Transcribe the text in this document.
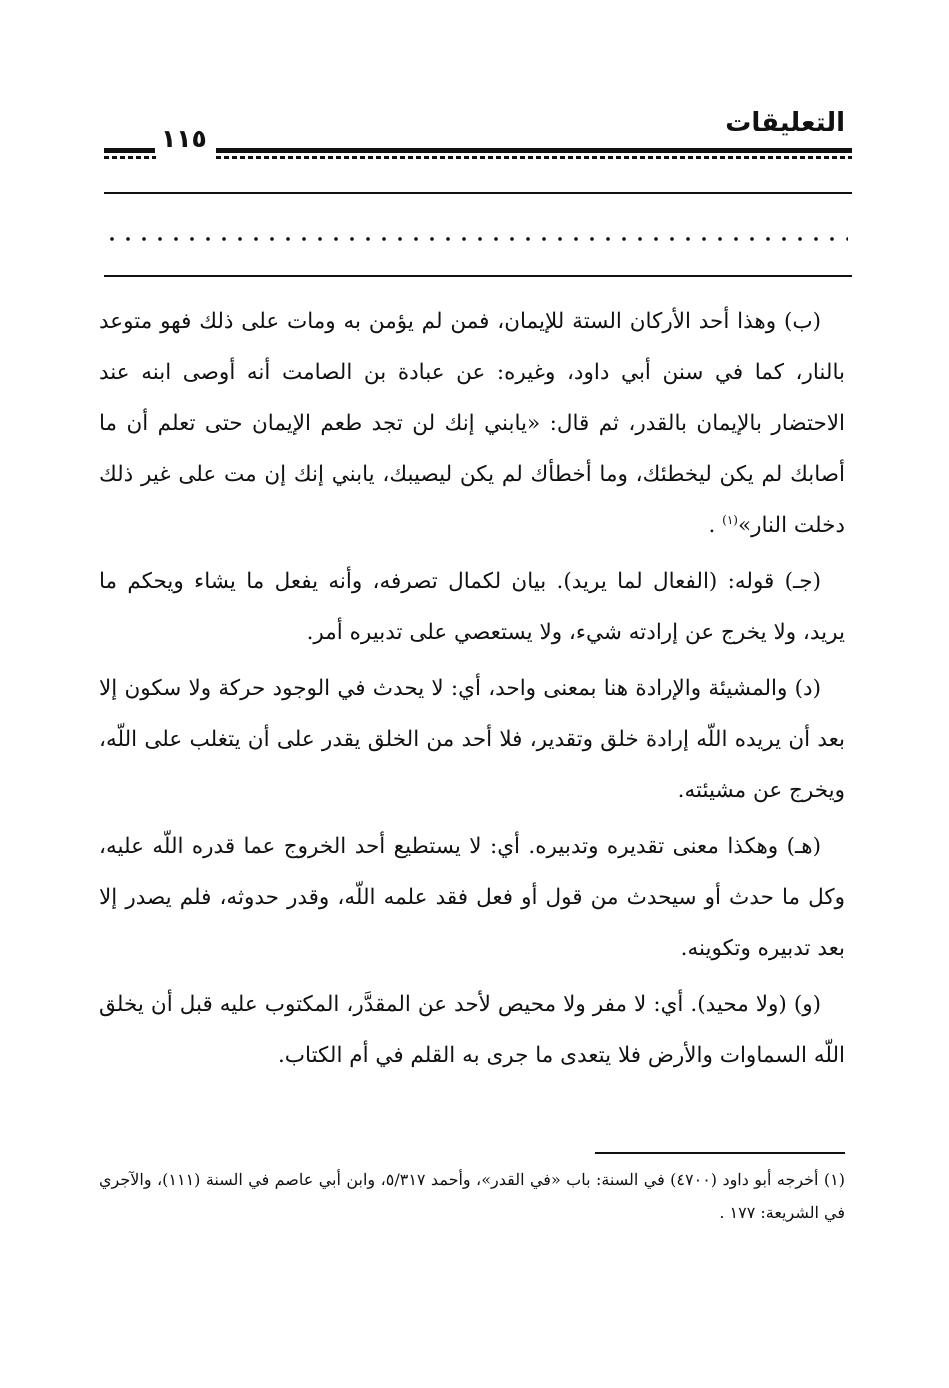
التعليقات
١١٥

(ب) وهذا أحد الأركان الستة للإيمان، فمن لم يؤمن به ومات على ذلك فهو متوعد بالنار، كما في سنن أبي داود، وغيره: عن عبادة بن الصامت أنه أوصى ابنه عند الاحتضار بالإيمان بالقدر، ثم قال: «يابني إنك لن تجد طعم الإيمان حتى تعلم أن ما أصابك لم يكن ليخطئك، وما أخطأك لم يكن ليصيبك، يابني إنك إن مت على غير ذلك دخلت النار»$^{(١)}$ .

(جـ) قوله: (الفعال لما يريد). بيان لكمال تصرفه، وأنه يفعل ما يشاء ويحكم ما يريد، ولا يخرج عن إرادته شيء، ولا يستعصي على تدبيره أمر.

(د) والمشيئة والإرادة هنا بمعنى واحد، أي: لا يحدث في الوجود حركة ولا سكون إلا بعد أن يريده اللّه إرادة خلق وتقدير، فلا أحد من الخلق يقدر على أن يتغلب على اللّه، ويخرج عن مشيئته.

(هـ) وهكذا معنى تقديره وتدبيره. أي: لا يستطيع أحد الخروج عما قدره اللّه عليه، وكل ما حدث أو سيحدث من قول أو فعل فقد علمه اللّه، وقدر حدوثه، فلم يصدر إلا بعد تدبيره وتكوينه.

(و) (ولا محيد). أي: لا مفر ولا محيص لأحد عن المقدَّر، المكتوب عليه قبل أن يخلق اللّه السماوات والأرض فلا يتعدى ما جرى به القلم في أم الكتاب.

(١) أخرجه أبو داود (٤٧٠٠) في السنة: باب «في القدر»، وأحمد ٥/٣١٧، وابن أبي عاصم في السنة (١١١)، والآجري في الشريعة: ١٧٧ .
